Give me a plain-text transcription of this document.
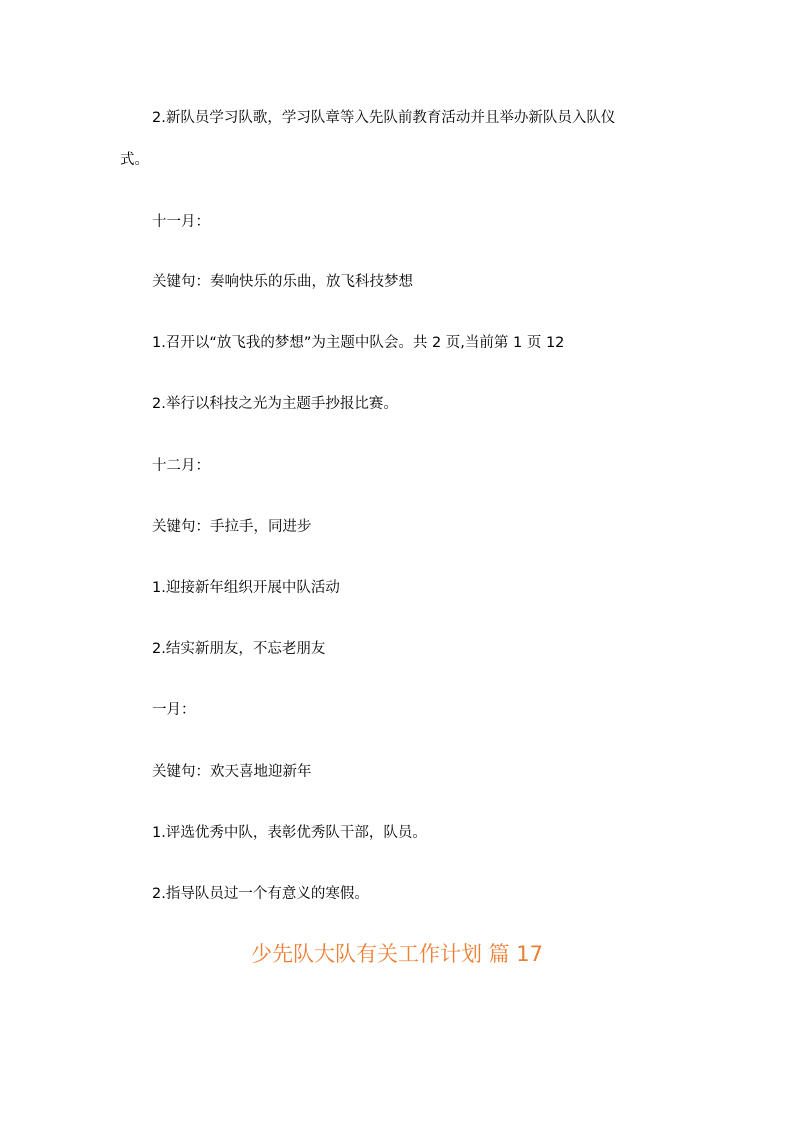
2.新队员学习队歌，学习队章等入先队前教育活动并且举办新队员入队仪
式。
十一月：
关键句：奏响快乐的乐曲，放飞科技梦想
1.召开以“放飞我的梦想”为主题中队会。共 2 页,当前第 1 页 12
2.举行以科技之光为主题手抄报比赛。
十二月：
关键句：手拉手，同进步
1.迎接新年组织开展中队活动
2.结实新朋友，不忘老朋友
一月：
关键句：欢天喜地迎新年
1.评选优秀中队，表彰优秀队干部，队员。
2.指导队员过一个有意义的寒假。
少先队大队有关工作计划 篇 17
